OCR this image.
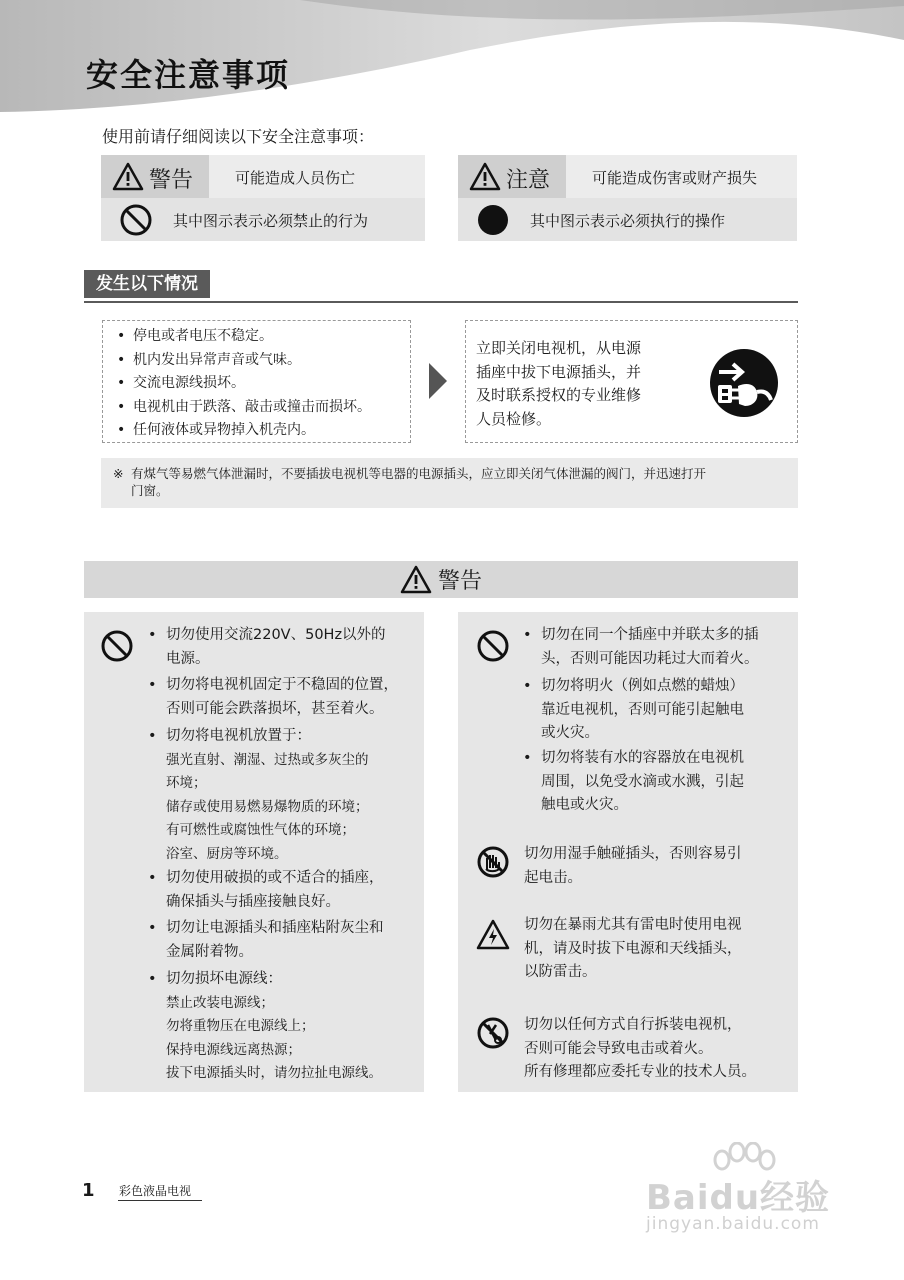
安全注意事项
使用前请仔细阅读以下安全注意事项：
警告	可能造成人员伤亡
其中图示表示必须禁止的行为
注意	可能造成伤害或财产损失
其中图示表示必须执行的操作
发生以下情况
• 停电或者电压不稳定。
• 机内发出异常声音或气味。
• 交流电源线损坏。
• 电视机由于跌落、敲击或撞击而损坏。
• 任何液体或异物掉入机壳内。
立即关闭电视机，从电源
插座中拔下电源插头，并
及时联系授权的专业维修
人员检修。
※ 有煤气等易燃气体泄漏时，不要插拔电视机等电器的电源插头，应立即关闭气体泄漏的阀门，并迅速打开
门窗。
警告
• 切勿使用交流220V、50Hz以外的
电源。
• 切勿将电视机固定于不稳固的位置，
否则可能会跌落损坏，甚至着火。
• 切勿将电视机放置于：
强光直射、潮湿、过热或多灰尘的
环境；
储存或使用易燃易爆物质的环境；
有可燃性或腐蚀性气体的环境；
浴室、厨房等环境。
• 切勿使用破损的或不适合的插座，
确保插头与插座接触良好。
• 切勿让电源插头和插座粘附灰尘和
金属附着物。
• 切勿损坏电源线：
禁止改装电源线；
勿将重物压在电源线上；
保持电源线远离热源；
拔下电源插头时，请勿拉扯电源线。
• 切勿在同一个插座中并联太多的插
头，否则可能因功耗过大而着火。
• 切勿将明火（例如点燃的蜡烛）
靠近电视机，否则可能引起触电
或火灾。
• 切勿将装有水的容器放在电视机
周围，以免受水滴或水溅，引起
触电或火灾。
切勿用湿手触碰插头，否则容易引
起电击。
切勿在暴雨尤其有雷电时使用电视
机，请及时拔下电源和天线插头，
以防雷击。
切勿以任何方式自行拆装电视机，
否则可能会导致电击或着火。
所有修理都应委托专业的技术人员。
1 彩色液晶电视	Baidu经验
jingyan.baidu.com
